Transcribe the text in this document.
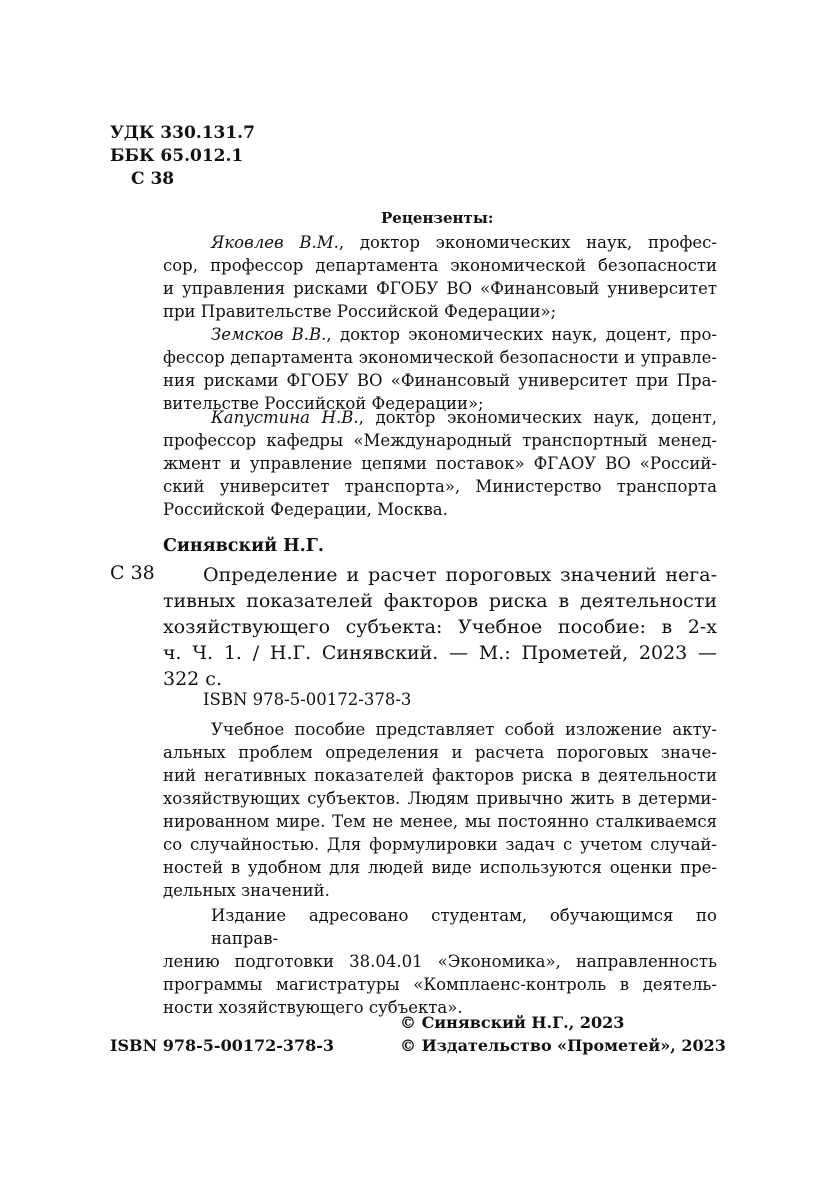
УДК 330.131.7
ББК 65.012.1
С 38
Рецензенты:
Яковлев В.М., доктор экономических наук, профес-
сор, профессор департамента экономической безопасности
и управления рисками ФГОБУ ВО «Финансовый университет при Правительстве Российской Федерации»;
Земсков В.В., доктор экономических наук, доцент, про-
фессор департамента экономической безопасности и управле-
ния рисками ФГОБУ ВО «Финансовый университет при Пра-
вительстве Российской Федерации»;
Капустина Н.В., доктор экономических наук, доцент,
профессор кафедры «Международный транспортный менед-
жмент и управление цепями поставок» ФГАОУ ВО «Россий-
ский университет транспорта», Министерство транспорта
Российской Федерации, Москва.
Синявский Н.Г.
С 38	Определение и расчет пороговых значений нега-
тивных показателей факторов риска в деятельности
хозяйствующего субъекта: Учебное пособие: в 2-х
ч. Ч. 1. / Н.Г. Синявский. — М.: Прометей, 2023 —
322 с.
ISBN 978-5-00172-378-3
Учебное пособие представляет собой изложение акту-
альных проблем определения и расчета пороговых значе-
ний негативных показателей факторов риска в деятельности
хозяйствующих субъектов. Людям привычно жить в детерми-
нированном мире. Тем не менее, мы постоянно сталкиваемся
со случайностью. Для формулировки задач с учетом случай-
ностей в удобном для людей виде используются оценки пре-
дельных значений.
Издание адресовано студентам, обучающимся по направ-
лению подготовки 38.04.01 «Экономика», направленность
программы магистратуры «Комплаенс-контроль в деятель-
ности хозяйствующего субъекта».
© Синявский Н.Г., 2023
© Издательство «Прометей», 2023
ISBN 978-5-00172-378-3
